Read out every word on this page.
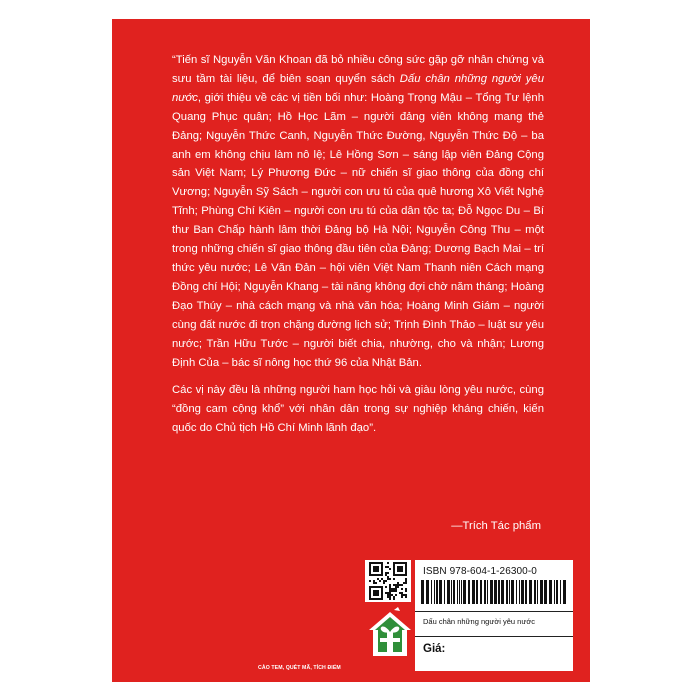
“Tiến sĩ Nguyễn Văn Khoan đã bỏ nhiều công sức gặp gỡ nhân chứng và sưu tầm tài liệu, để biên soạn quyển sách Dấu chân những người yêu nước, giới thiệu về các vị tiền bối như: Hoàng Trọng Mậu – Tổng Tư lệnh Quang Phục quân; Hồ Học Lãm – người đảng viên không mang thẻ Đảng; Nguyễn Thức Canh, Nguyễn Thức Đường, Nguyễn Thức Độ – ba anh em không chịu làm nô lệ; Lê Hồng Sơn – sáng lập viên Đảng Cộng sản Việt Nam; Lý Phương Đức – nữ chiến sĩ giao thông của đồng chí Vương; Nguyễn Sỹ Sách – người con ưu tú của quê hương Xô Viết Nghệ Tĩnh; Phùng Chí Kiên – người con ưu tú của dân tộc ta; Đỗ Ngọc Du – Bí thư Ban Chấp hành lâm thời Đảng bộ Hà Nội; Nguyễn Công Thu – một trong những chiến sĩ giao thông đầu tiên của Đảng; Dương Bạch Mai – trí thức yêu nước; Lê Văn Đản – hội viên Việt Nam Thanh niên Cách mạng Đồng chí Hội; Nguyễn Khang – tài năng không đợi chờ năm tháng; Hoàng Đạo Thúy – nhà cách mạng và nhà văn hóa; Hoàng Minh Giám – người cùng đất nước đi trọn chặng đường lịch sử; Trịnh Đình Thảo – luật sư yêu nước; Trần Hữu Tước – người biết chia, nhường, cho và nhận; Lương Định Của – bác sĩ nông học thứ 96 của Nhật Bản.

Các vị này đều là những người ham học hỏi và giàu lòng yêu nước, cùng “đồng cam cộng khổ” với nhân dân trong sự nghiệp kháng chiến, kiến quốc do Chủ tịch Hồ Chí Minh lãnh đạo”.

—Trích Tác phẩm
ISBN 978-604-1-26300-0
Dấu chân những người yêu nước
Giá:
CÀO TEM, QUÉT MÃ, TÍCH ĐIỂM
